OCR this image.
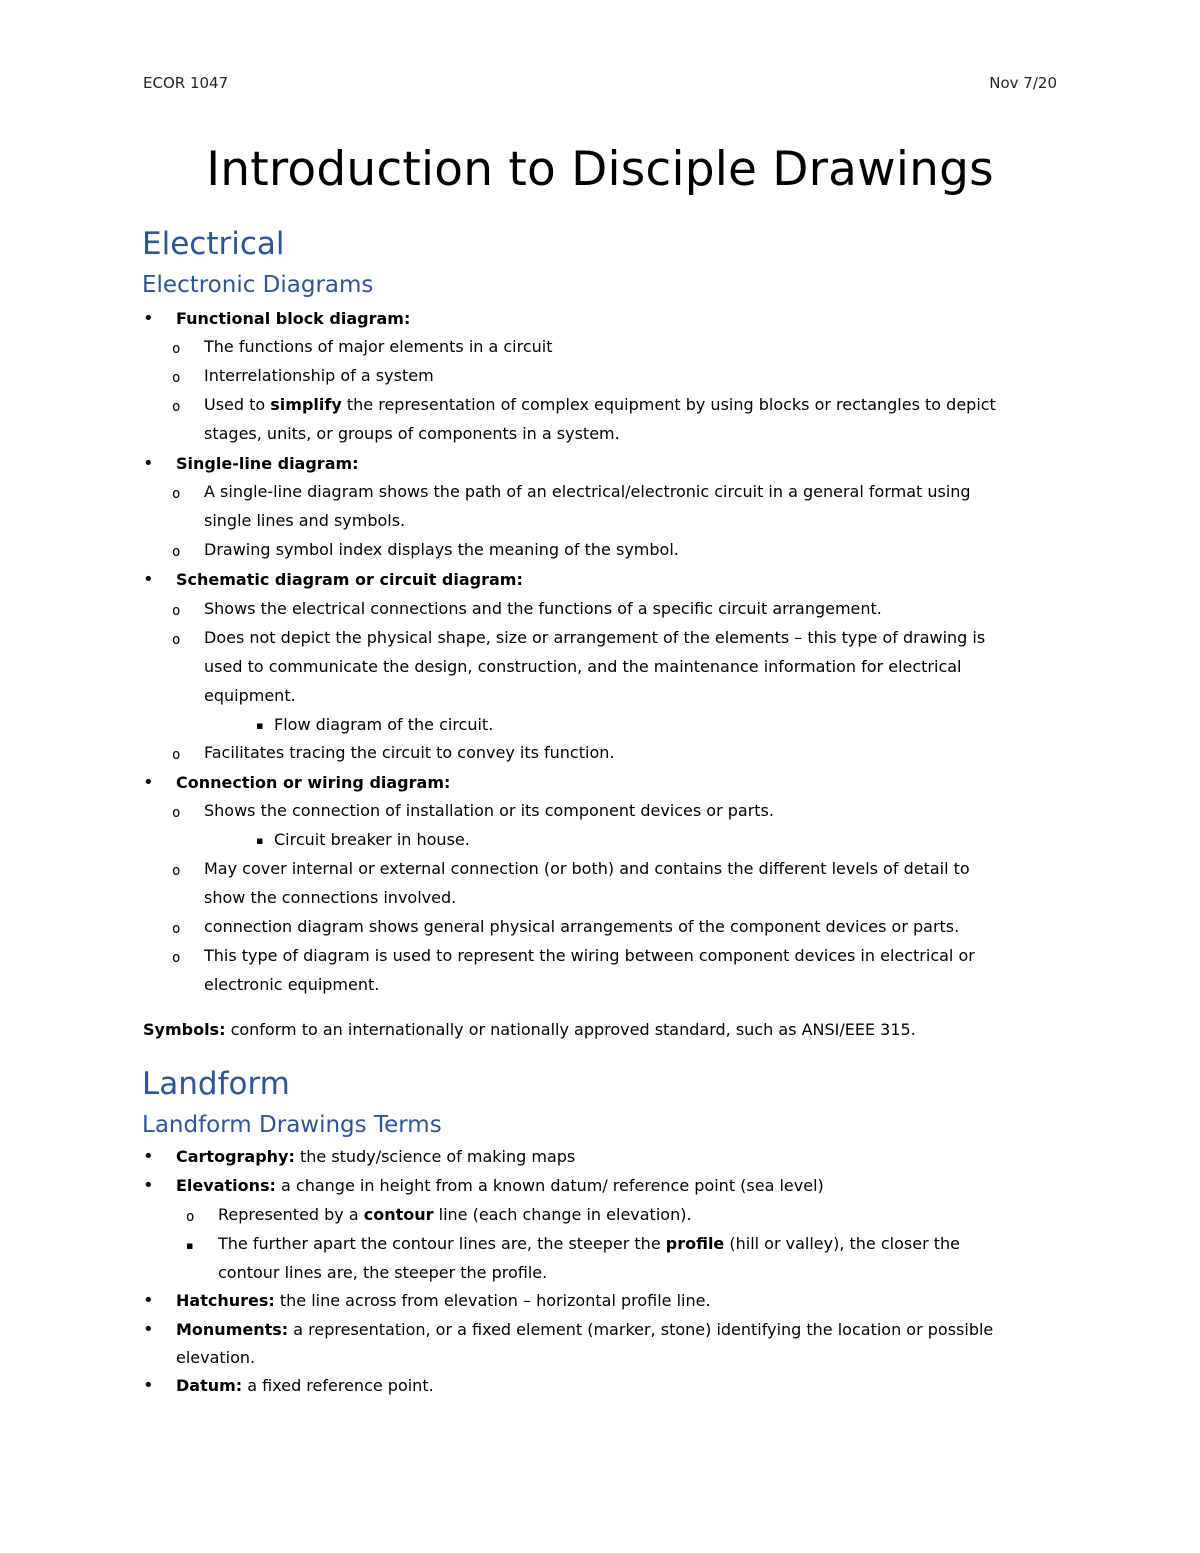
ECOR 1047	Nov 7/20
Introduction to Disciple Drawings
Electrical
Electronic Diagrams
• Functional block diagram:
o The functions of major elements in a circuit
o Interrelationship of a system
o Used to simplify the representation of complex equipment by using blocks or rectangles to depict
stages, units, or groups of components in a system.
• Single-line diagram:
o A single-line diagram shows the path of an electrical/electronic circuit in a general format using
single lines and symbols.
o Drawing symbol index displays the meaning of the symbol.
• Schematic diagram or circuit diagram:
o Shows the electrical connections and the functions of a specific circuit arrangement.
o Does not depict the physical shape, size or arrangement of the elements – this type of drawing is
used to communicate the design, construction, and the maintenance information for electrical
equipment.
▪ Flow diagram of the circuit.
o Facilitates tracing the circuit to convey its function.
• Connection or wiring diagram:
o Shows the connection of installation or its component devices or parts.
▪ Circuit breaker in house.
o May cover internal or external connection (or both) and contains the different levels of detail to
show the connections involved.
o connection diagram shows general physical arrangements of the component devices or parts.
o This type of diagram is used to represent the wiring between component devices in electrical or
electronic equipment.
Symbols: conform to an internationally or nationally approved standard, such as ANSI/EEE 315.
Landform
Landform Drawings Terms
• Cartography: the study/science of making maps
• Elevations: a change in height from a known datum/ reference point (sea level)
o Represented by a contour line (each change in elevation).
▪ The further apart the contour lines are, the steeper the profile (hill or valley), the closer the
contour lines are, the steeper the profile.
• Hatchures: the line across from elevation – horizontal profile line.
• Monuments: a representation, or a fixed element (marker, stone) identifying the location or possible
elevation.
• Datum: a fixed reference point.
